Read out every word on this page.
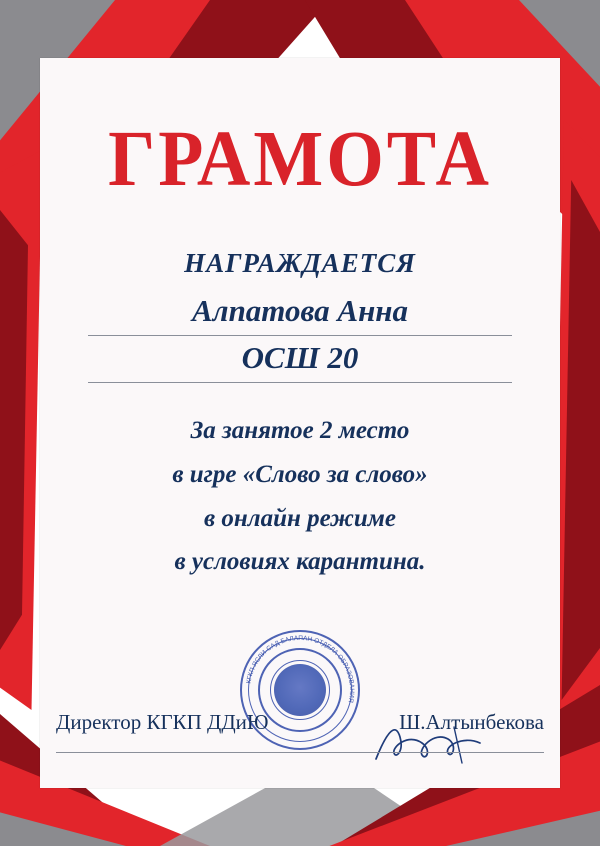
ГРАМОТА
НАГРАЖДАЕТСЯ
Алпатова Анна
ОСШ 20
За занятое 2 место
в игре «Слово за слово»
в онлайн режиме
в условиях карантина.
КГКП ЯСЛИ-САД БАЛАПАН ОТДЕЛА ОБРАЗОВАНИЯ
Директор КГКП ДДиЮ	Ш.Алтынбекова
